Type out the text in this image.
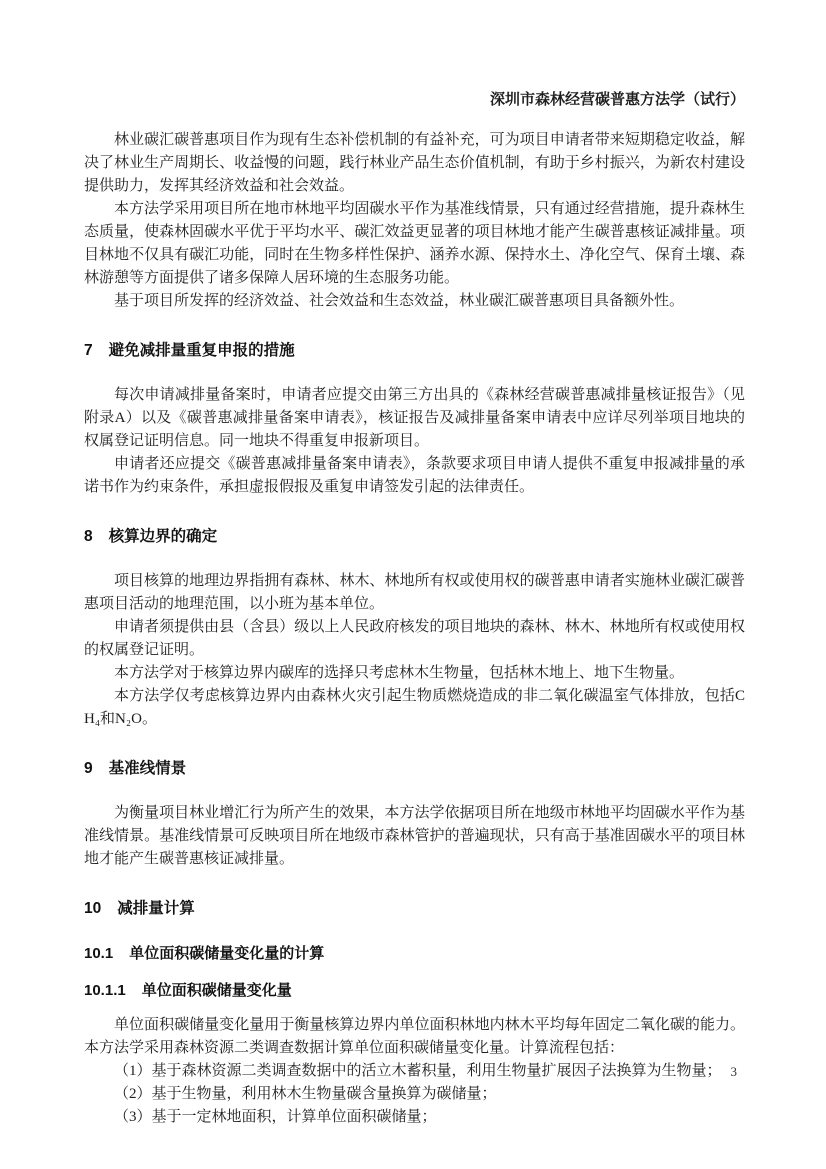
深圳市森林经营碳普惠方法学（试行）

林业碳汇碳普惠项目作为现有生态补偿机制的有益补充，可为项目申请者带来短期稳定收益，解决了林业生产周期长、收益慢的问题，践行林业产品生态价值机制，有助于乡村振兴，为新农村建设提供助力，发挥其经济效益和社会效益。

本方法学采用项目所在地市林地平均固碳水平作为基准线情景，只有通过经营措施，提升森林生态质量，使森林固碳水平优于平均水平、碳汇效益更显著的项目林地才能产生碳普惠核证减排量。项目林地不仅具有碳汇功能，同时在生物多样性保护、涵养水源、保持水土、净化空气、保育土壤、森林游憩等方面提供了诸多保障人居环境的生态服务功能。

基于项目所发挥的经济效益、社会效益和生态效益，林业碳汇碳普惠项目具备额外性。

7 避免减排量重复申报的措施

每次申请减排量备案时，申请者应提交由第三方出具的《森林经营碳普惠减排量核证报告》（见附录A）以及《碳普惠减排量备案申请表》，核证报告及减排量备案申请表中应详尽列举项目地块的权属登记证明信息。同一地块不得重复申报新项目。

申请者还应提交《碳普惠减排量备案申请表》，条款要求项目申请人提供不重复申报减排量的承诺书作为约束条件，承担虚报假报及重复申请签发引起的法律责任。

8 核算边界的确定

项目核算的地理边界指拥有森林、林木、林地所有权或使用权的碳普惠申请者实施林业碳汇碳普惠项目活动的地理范围，以小班为基本单位。

申请者须提供由县（含县）级以上人民政府核发的项目地块的森林、林木、林地所有权或使用权的权属登记证明。

本方法学对于核算边界内碳库的选择只考虑林木生物量，包括林木地上、地下生物量。

本方法学仅考虑核算边界内由森林火灾引起生物质燃烧造成的非二氧化碳温室气体排放，包括CH₄和N₂O。

9 基准线情景

为衡量项目林业增汇行为所产生的效果，本方法学依据项目所在地级市林地平均固碳水平作为基准线情景。基准线情景可反映项目所在地级市森林管护的普遍现状，只有高于基准固碳水平的项目林地才能产生碳普惠核证减排量。

10 减排量计算
10.1 单位面积碳储量变化量的计算
10.1.1 单位面积碳储量变化量

单位面积碳储量变化量用于衡量核算边界内单位面积林地内林木平均每年固定二氧化碳的能力。本方法学采用森林资源二类调查数据计算单位面积碳储量变化量。计算流程包括：

（1）基于森林资源二类调查数据中的活立木蓄积量，利用生物量扩展因子法换算为生物量；

（2）基于生物量，利用林木生物量碳含量换算为碳储量；

（3）基于一定林地面积，计算单位面积碳储量；

3
